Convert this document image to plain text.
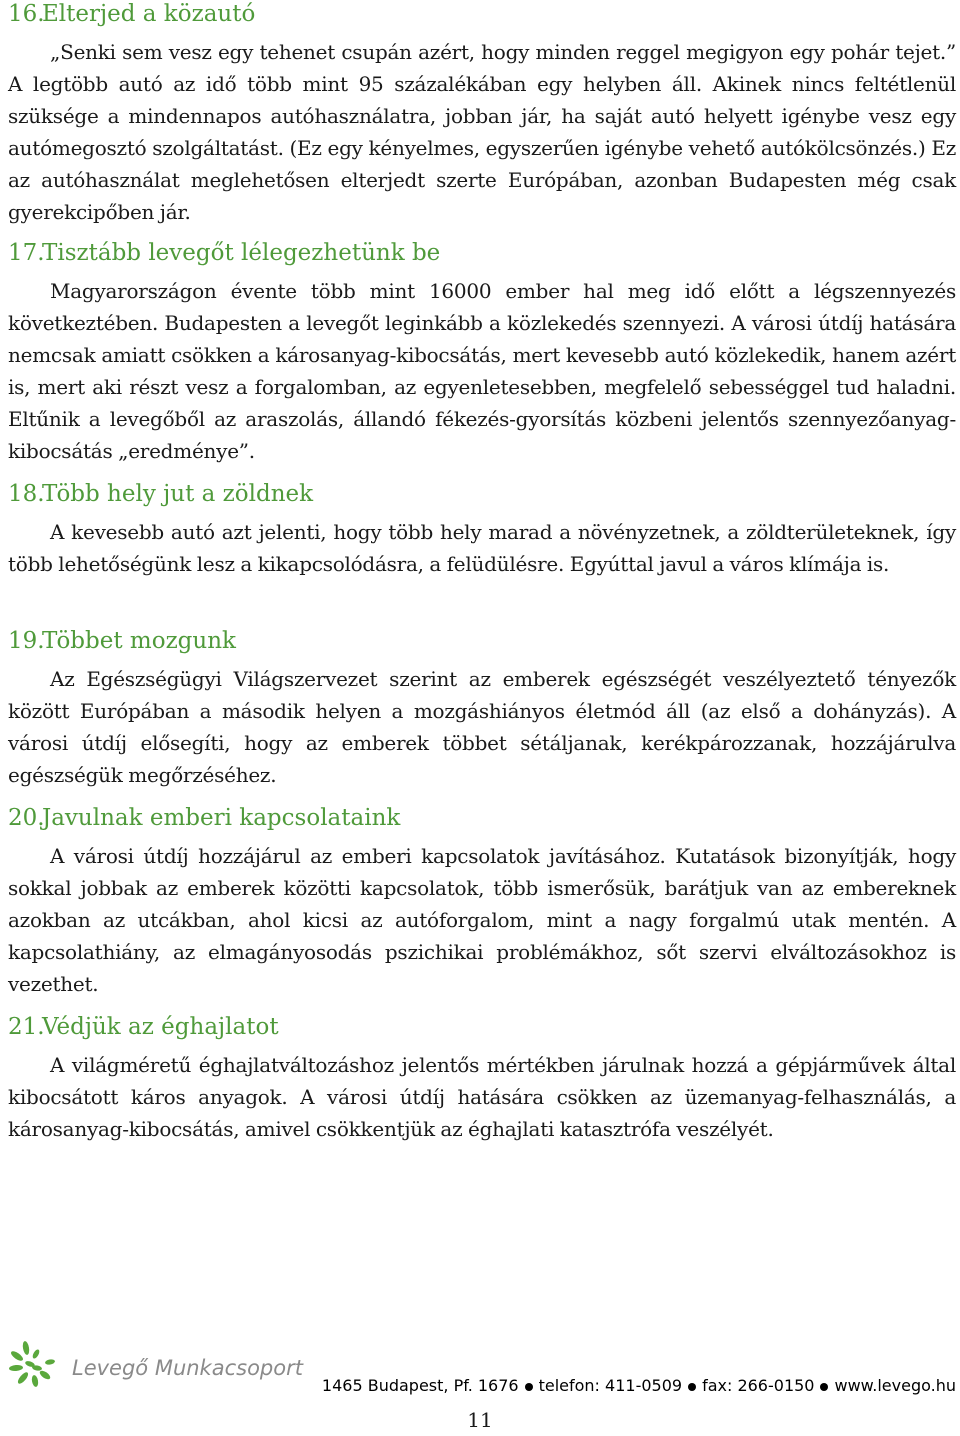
16.Elterjed a közautó

„Senki sem vesz egy tehenet csupán azért, hogy minden reggel megigyon egy pohár tejet.” A legtöbb autó az idő több mint 95 százalékában egy helyben áll. Akinek nincs feltétlenül szüksége a mindennapos autóhasználatra, jobban jár, ha saját autó helyett igénybe vesz egy autómegosztó szolgáltatást. (Ez egy kényelmes, egyszerűen igénybe vehető autókölcsönzés.) Ez az autóhasználat meglehetősen elterjedt szerte Európában, azonban Budapesten még csak gyerekcipőben jár.

17.Tisztább levegőt lélegezhetünk be

Magyarországon évente több mint 16000 ember hal meg idő előtt a légszennyezés következtében. Budapesten a levegőt leginkább a közlekedés szennyezi. A városi útdíj hatására nemcsak amiatt csökken a károsanyag-kibocsátás, mert kevesebb autó közlekedik, hanem azért is, mert aki részt vesz a forgalomban, az egyenletesebben, megfelelő sebességgel tud haladni. Eltűnik a levegőből az araszolás, állandó fékezés-gyorsítás közbeni jelentős szennyezőanyag-kibocsátás „eredménye”.

18.Több hely jut a zöldnek

A kevesebb autó azt jelenti, hogy több hely marad a növényzetnek, a zöldterületeknek, így több lehetőségünk lesz a kikapcsolódásra, a felüdülésre. Egyúttal javul a város klímája is.

19.Többet mozgunk

Az Egészségügyi Világszervezet szerint az emberek egészségét veszélyeztető tényezők között Európában a második helyen a mozgáshiányos életmód áll (az első a dohányzás). A városi útdíj elősegíti, hogy az emberek többet sétáljanak, kerékpározzanak, hozzájárulva egészségük megőrzéséhez.

20.Javulnak emberi kapcsolataink

A városi útdíj hozzájárul az emberi kapcsolatok javításához. Kutatások bizonyítják, hogy sokkal jobbak az emberek közötti kapcsolatok, több ismerősük, barátjuk van az embereknek azokban az utcákban, ahol kicsi az autóforgalom, mint a nagy forgalmú utak mentén. A kapcsolathiány, az elmagányosodás pszichikai problémákhoz, sőt szervi elváltozásokhoz is vezethet.

21.Védjük az éghajlatot

A világméretű éghajlatváltozáshoz jelentős mértékben járulnak hozzá a gépjárművek által kibocsátott káros anyagok. A városi útdíj hatására csökken az üzemanyag-felhasználás, a károsanyag-kibocsátás, amivel csökkentjük az éghajlati katasztrófa veszélyét.

Levegő Munkacsoport
1465 Budapest, Pf. 1676 telefon: 411-0509 fax: 266-0150 www.levego.hu
11
